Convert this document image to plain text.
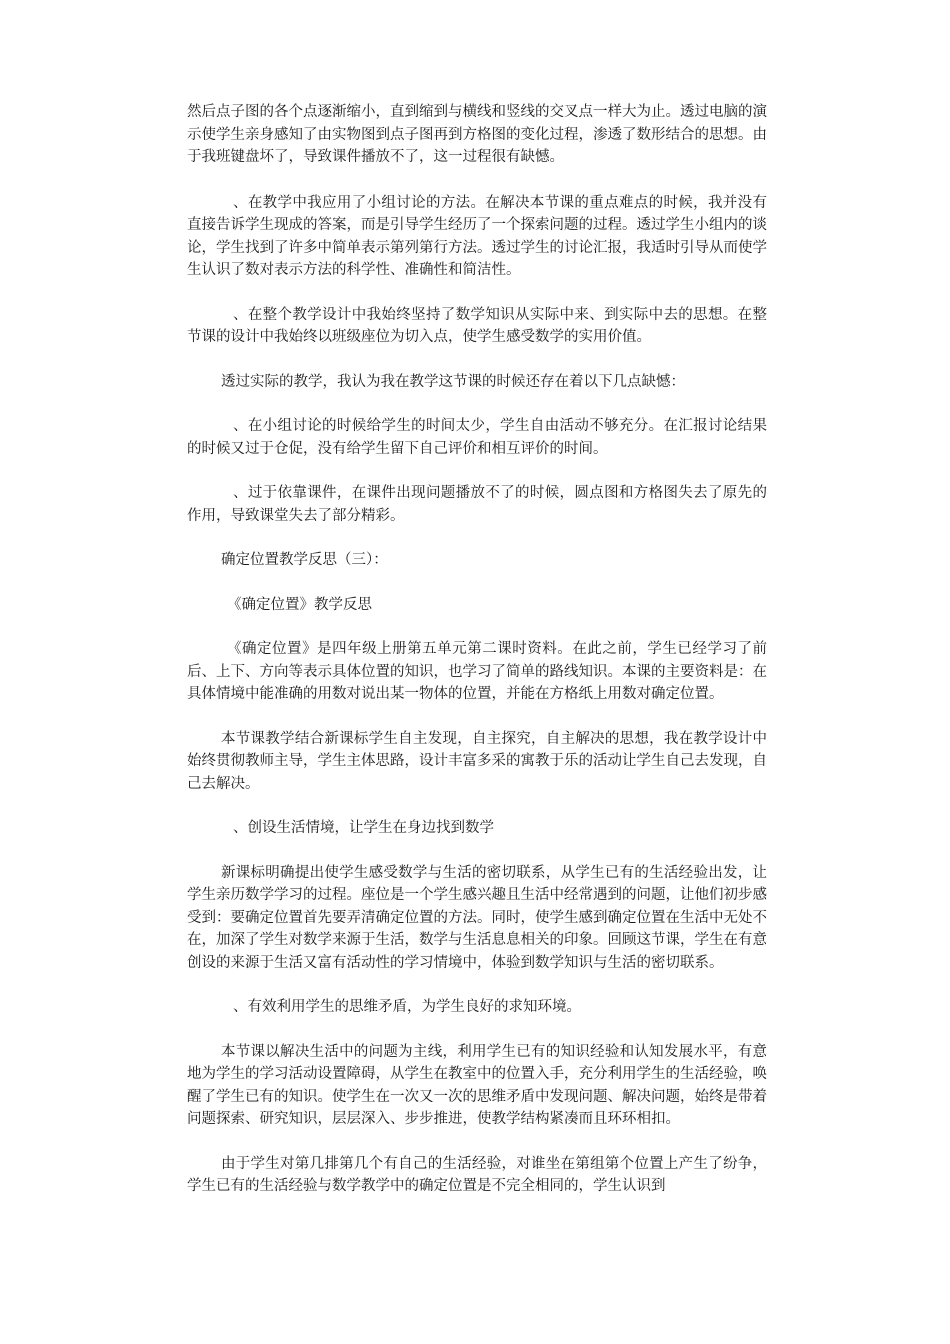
然后点子图的各个点逐渐缩小，直到缩到与横线和竖线的交叉点一样大为止。透过电脑的演示使学生亲身感知了由实物图到点子图再到方格图的变化过程，渗透了数形结合的思想。由于我班键盘坏了，导致课件播放不了，这一过程很有缺憾。

、在教学中我应用了小组讨论的方法。在解决本节课的重点难点的时候，我并没有直接告诉学生现成的答案，而是引导学生经历了一个探索问题的过程。透过学生小组内的谈论，学生找到了许多中简单表示第列第行方法。透过学生的讨论汇报，我适时引导从而使学生认识了数对表示方法的科学性、准确性和简洁性。

、在整个教学设计中我始终坚持了数学知识从实际中来、到实际中去的思想。在整节课的设计中我始终以班级座位为切入点，使学生感受数学的实用价值。

透过实际的教学，我认为我在教学这节课的时候还存在着以下几点缺憾：

、在小组讨论的时候给学生的时间太少，学生自由活动不够充分。在汇报讨论结果的时候又过于仓促，没有给学生留下自己评价和相互评价的时间。

、过于依靠课件，在课件出现问题播放不了的时候，圆点图和方格图失去了原先的作用，导致课堂失去了部分精彩。

确定位置教学反思（三）：

《确定位置》教学反思

《确定位置》是四年级上册第五单元第二课时资料。在此之前，学生已经学习了前后、上下、方向等表示具体位置的知识，也学习了简单的路线知识。本课的主要资料是：在具体情境中能准确的用数对说出某一物体的位置，并能在方格纸上用数对确定位置。

本节课教学结合新课标学生自主发现，自主探究，自主解决的思想，我在教学设计中始终贯彻教师主导，学生主体思路，设计丰富多采的寓教于乐的活动让学生自己去发现，自己去解决。

、创设生活情境，让学生在身边找到数学

新课标明确提出使学生感受数学与生活的密切联系，从学生已有的生活经验出发，让学生亲历数学学习的过程。座位是一个学生感兴趣且生活中经常遇到的问题，让他们初步感受到：要确定位置首先要弄清确定位置的方法。同时，使学生感到确定位置在生活中无处不在，加深了学生对数学来源于生活，数学与生活息息相关的印象。回顾这节课，学生在有意创设的来源于生活又富有活动性的学习情境中，体验到数学知识与生活的密切联系。

、有效利用学生的思维矛盾，为学生良好的求知环境。

本节课以解决生活中的问题为主线，利用学生已有的知识经验和认知发展水平，有意地为学生的学习活动设置障碍，从学生在教室中的位置入手，充分利用学生的生活经验，唤醒了学生已有的知识。使学生在一次又一次的思维矛盾中发现问题、解决问题，始终是带着问题探索、研究知识，层层深入、步步推进，使教学结构紧凑而且环环相扣。

由于学生对第几排第几个有自己的生活经验，对谁坐在第组第个位置上产生了纷争，学生已有的生活经验与数学教学中的确定位置是不完全相同的，学生认识到
